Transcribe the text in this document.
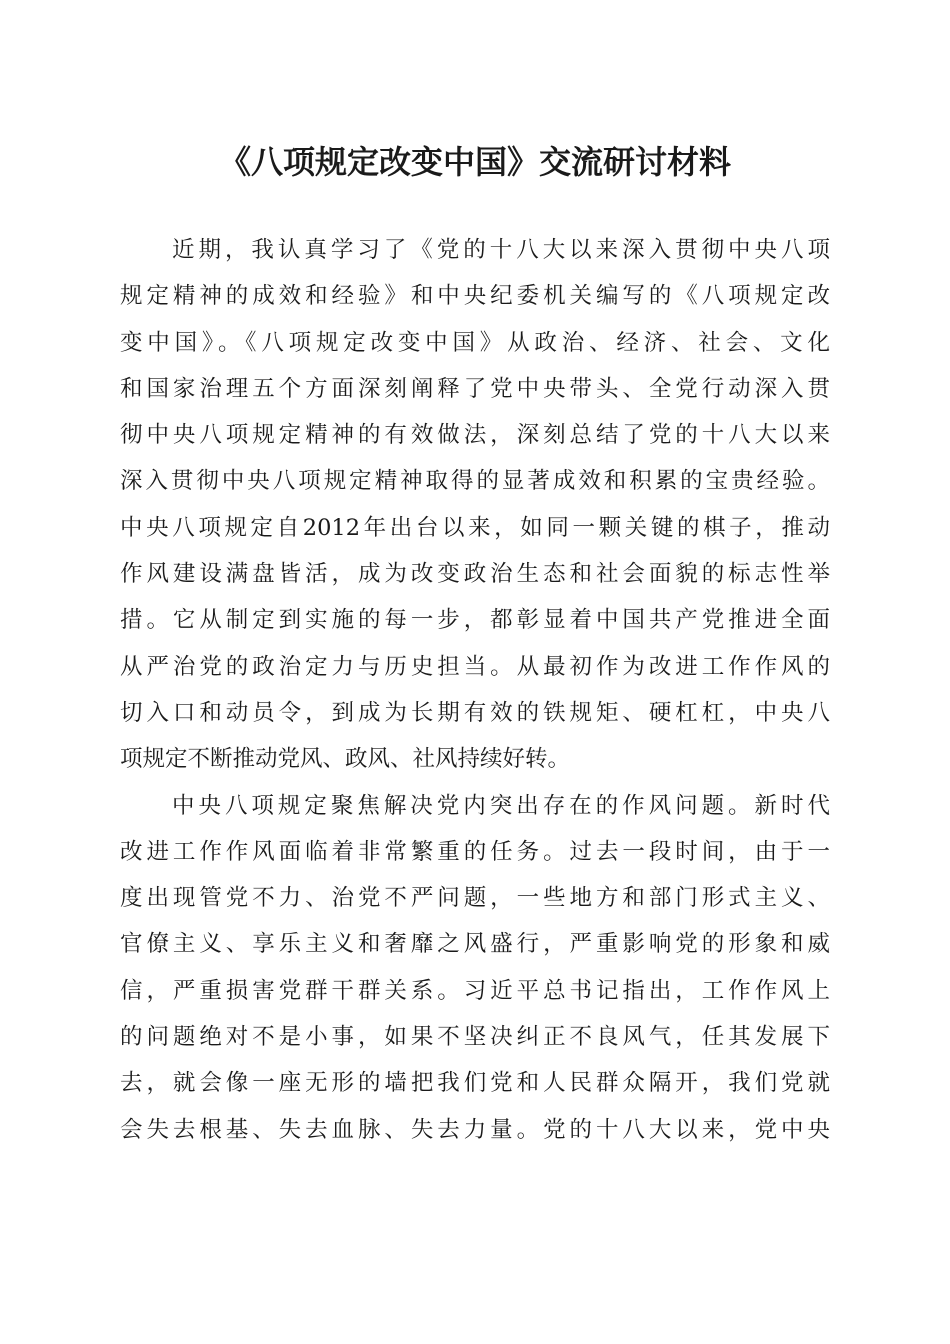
《八项规定改变中国》交流研讨材料
近期，我认真学习了《党的十八大以来深入贯彻中央八项
规定精神的成效和经验》和中央纪委机关编写的《八项规定改
变中国》。《八项规定改变中国》从政治、经济、社会、文化
和国家治理五个方面深刻阐释了党中央带头、全党行动深入贯
彻中央八项规定精神的有效做法，深刻总结了党的十八大以来
深入贯彻中央八项规定精神取得的显著成效和积累的宝贵经验。
中央八项规定自2012年出台以来，如同一颗关键的棋子，推动
作风建设满盘皆活，成为改变政治生态和社会面貌的标志性举
措。它从制定到实施的每一步，都彰显着中国共产党推进全面
从严治党的政治定力与历史担当。从最初作为改进工作作风的
切入口和动员令，到成为长期有效的铁规矩、硬杠杠，中央八
项规定不断推动党风、政风、社风持续好转。
中央八项规定聚焦解决党内突出存在的作风问题。新时代
改进工作作风面临着非常繁重的任务。过去一段时间，由于一
度出现管党不力、治党不严问题，一些地方和部门形式主义、
官僚主义、享乐主义和奢靡之风盛行，严重影响党的形象和威
信，严重损害党群干群关系。习近平总书记指出，工作作风上
的问题绝对不是小事，如果不坚决纠正不良风气，任其发展下
去，就会像一座无形的墙把我们党和人民群众隔开，我们党就
会失去根基、失去血脉、失去力量。党的十八大以来，党中央
